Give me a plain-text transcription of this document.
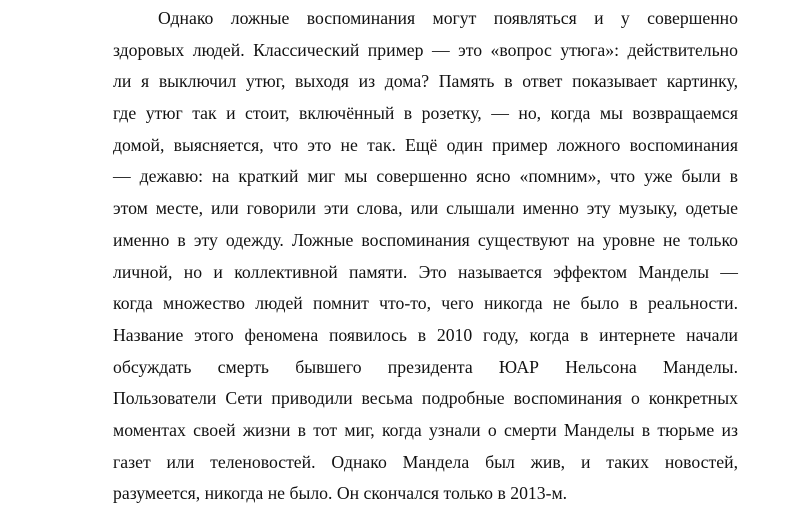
Однако ложные воспоминания могут появляться и у совершенно
здоровых людей. Классический пример — это «вопрос утюга»: действительно
ли я выключил утюг, выходя из дома? Память в ответ показывает картинку,
где утюг так и стоит, включённый в розетку, — но, когда мы возвращаемся
домой, выясняется, что это не так. Ещё один пример ложного воспоминания
— дежавю: на краткий миг мы совершенно ясно «помним», что уже были в
этом месте, или говорили эти слова, или слышали именно эту музыку, одетые
именно в эту одежду. Ложные воспоминания существуют на уровне не только
личной, но и коллективной памяти. Это называется эффектом Манделы —
когда множество людей помнит что-то, чего никогда не было в реальности.
Название этого феномена появилось в 2010 году, когда в интернете начали
обсуждать смерть бывшего президента ЮАР Нельсона Манделы.
Пользователи Сети приводили весьма подробные воспоминания о конкретных
моментах своей жизни в тот миг, когда узнали о смерти Манделы в тюрьме из
газет или теленовостей. Однако Мандела был жив, и таких новостей,
разумеется, никогда не было. Он скончался только в 2013-м.
